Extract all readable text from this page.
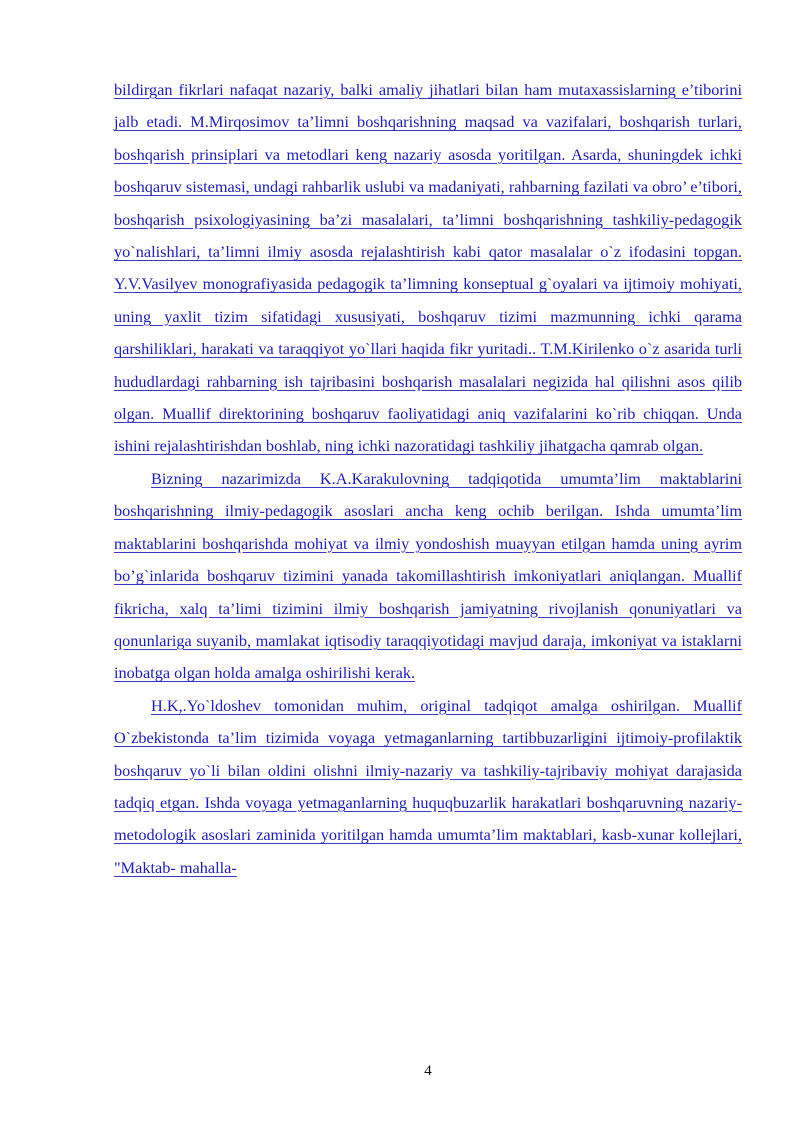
bildirgan fikrlari nafaqat nazariy, balki amaliy jihatlari bilan ham mutaxassislarning e’tiborini jalb etadi. M.Mirqosimov ta’limni boshqarishning maqsad va vazifalari, boshqarish turlari, boshqarish prinsiplari va metodlari keng nazariy asosda yoritilgan. Asarda, shuningdek ichki boshqaruv sistemasi, undagi rahbarlik uslubi va madaniyati, rahbarning fazilati va obro’ e’tibori, boshqarish psixologiyasining ba’zi masalalari, ta’limni boshqarishning tashkiliy-pedagogik yo`nalishlari, ta’limni ilmiy asosda rejalashtirish kabi qator masalalar o`z ifodasini topgan. Y.V.Vasilyev monografiyasida pedagogik ta’limning konseptual g`oyalari va ijtimoiy mohiyati, uning yaxlit tizim sifatidagi xususiyati, boshqaruv tizimi mazmunning ichki qarama qarshiliklari, harakati va taraqqiyot yo`llari haqida fikr yuritadi.. T.M.Kirilenko o`z asarida turli hududlardagi rahbarning ish tajribasini boshqarish masalalari negizida hal qilishni asos qilib olgan. Muallif direktorining boshqaruv faoliyatidagi aniq vazifalarini ko`rib chiqqan. Unda ishini rejalashtirishdan boshlab, ning ichki nazoratidagi tashkiliy jihatgacha qamrab olgan.

Bizning nazarimizda K.A.Karakulovning tadqiqotida umumta’lim maktablarini boshqarishning ilmiy-pedagogik asoslari ancha keng ochib berilgan. Ishda umumta’lim maktablarini boshqarishda mohiyat va ilmiy yondoshish muayyan etilgan hamda uning ayrim bo’g`inlarida boshqaruv tizimini yanada takomillashtirish imkoniyatlari aniqlangan. Muallif fikricha, xalq ta’limi tizimini ilmiy boshqarish jamiyatning rivojlanish qonuniyatlari va qonunlariga suyanib, mamlakat iqtisodiy taraqqiyotidagi mavjud daraja, imkoniyat va istaklarni inobatga olgan holda amalga oshirilishi kerak.

H.K,.Yo`ldoshev tomonidan muhim, original tadqiqot amalga oshirilgan. Muallif O`zbekistonda ta’lim tizimida voyaga yetmaganlarning tartibbuzarligini ijtimoiy-profilaktik boshqaruv yo`li bilan oldini olishni ilmiy-nazariy va tashkiliy-tajribaviy mohiyat darajasida tadqiq etgan. Ishda voyaga yetmaganlarning huquqbuzarlik harakatlari boshqaruvning nazariy-metodologik asoslari zaminida yoritilgan hamda umumta’lim maktablari, kasb-xunar kollejlari, "Maktab- mahalla-

4
